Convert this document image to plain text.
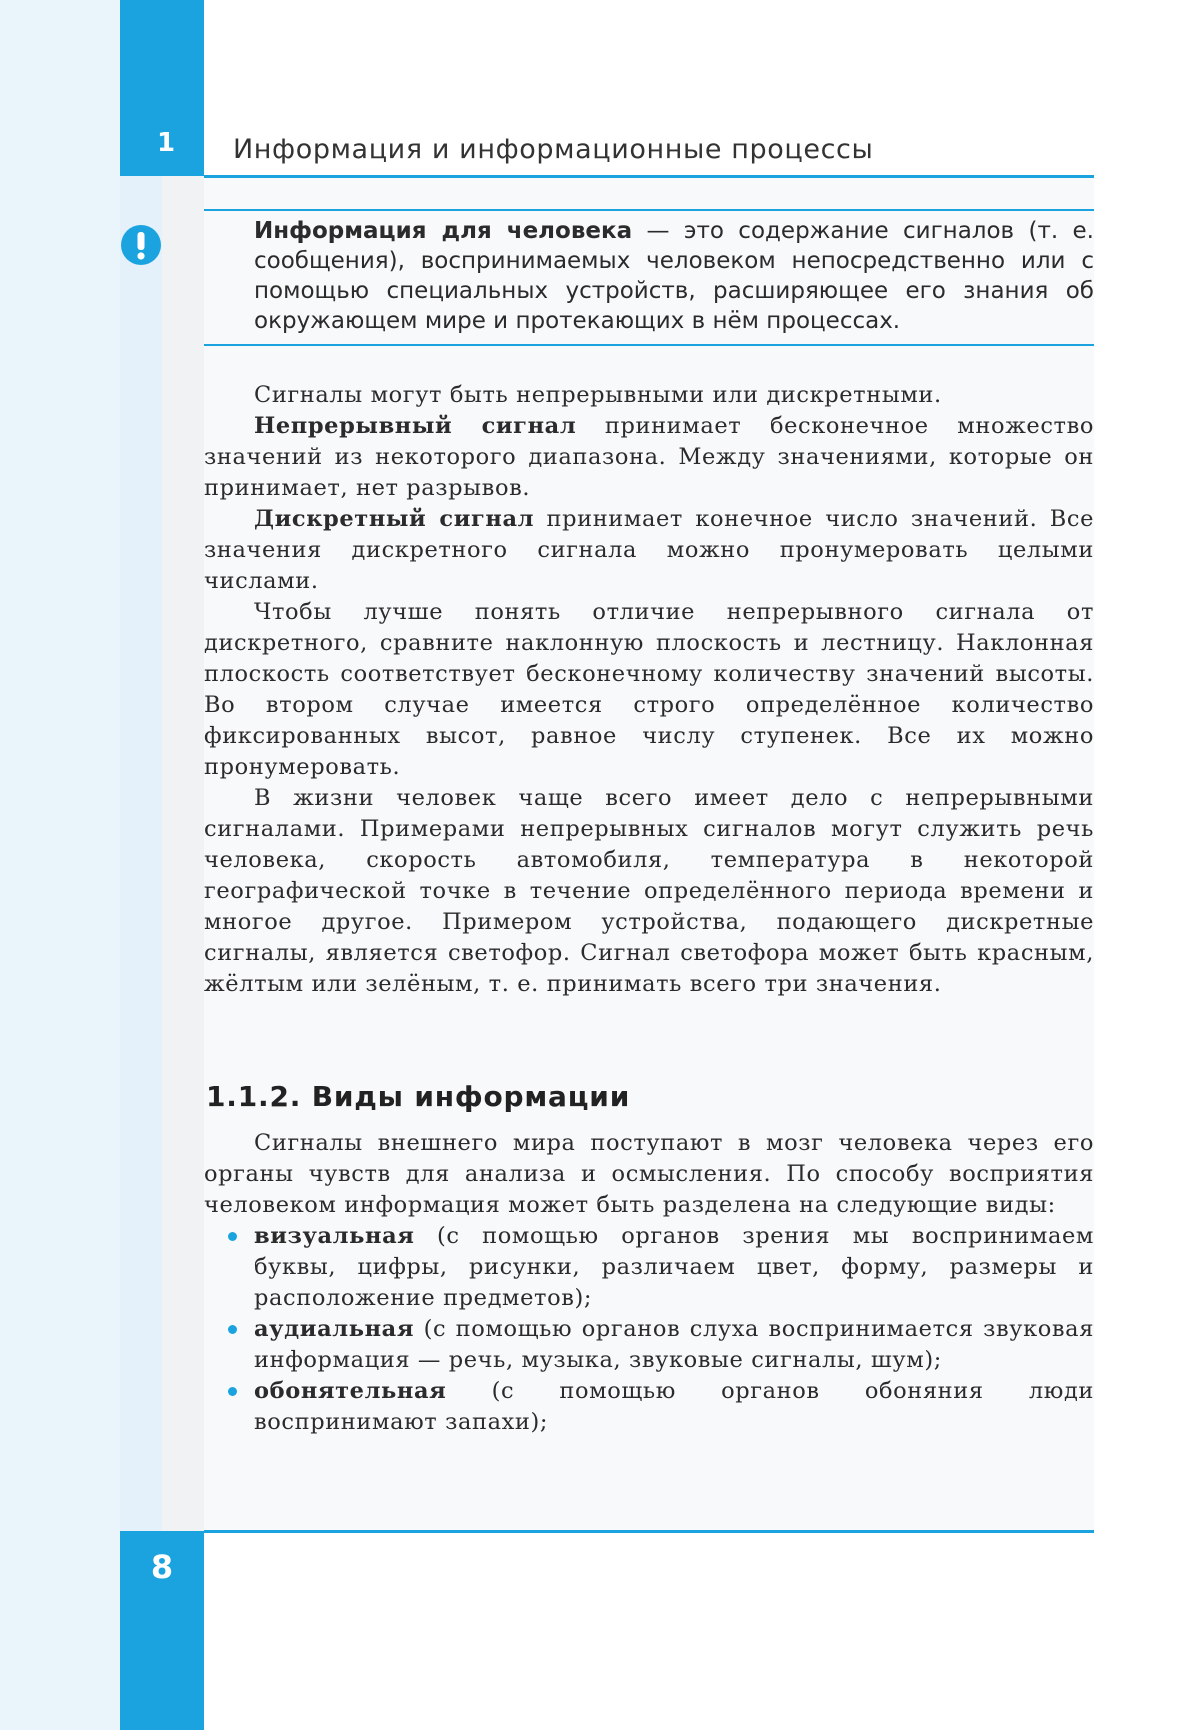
1	Информация и информационные процессы
Информация для человека — это содержание сигналов (т. е. сообщения), воспринимаемых человеком непосредственно или с помощью специальных устройств, расширяющее его знания об окружающем мире и протекающих в нём процессах.

Сигналы могут быть непрерывными или дискретными.

Непрерывный сигнал принимает бесконечное множество значений из некоторого диапазона. Между значениями, которые он принимает, нет разрывов.

Дискретный сигнал принимает конечное число значений. Все значения дискретного сигнала можно пронумеровать целыми числами.

Чтобы лучше понять отличие непрерывного сигнала от дискретного, сравните наклонную плоскость и лестницу. Наклонная плоскость соответствует бесконечному количеству значений высоты. Во втором случае имеется строго определённое количество фиксированных высот, равное числу ступенек. Все их можно пронумеровать.

В жизни человек чаще всего имеет дело с непрерывными сигналами. Примерами непрерывных сигналов могут служить речь человека, скорость автомобиля, температура в некоторой географической точке в течение определённого периода времени и многое другое. Примером устройства, подающего дискретные сигналы, является светофор. Сигнал светофора может быть красным, жёлтым или зелёным, т. е. принимать всего три значения.

1.1.2. Виды информации

Сигналы внешнего мира поступают в мозг человека через его органы чувств для анализа и осмысления. По способу восприятия человеком информация может быть разделена на следующие виды:

визуальная (с помощью органов зрения мы воспринимаем буквы, цифры, рисунки, различаем цвет, форму, размеры и расположение предметов);
аудиальная (с помощью органов слуха воспринимается звуковая информация — речь, музыка, звуковые сигналы, шум);
обонятельная (с помощью органов обоняния люди воспринимают запахи);
8
